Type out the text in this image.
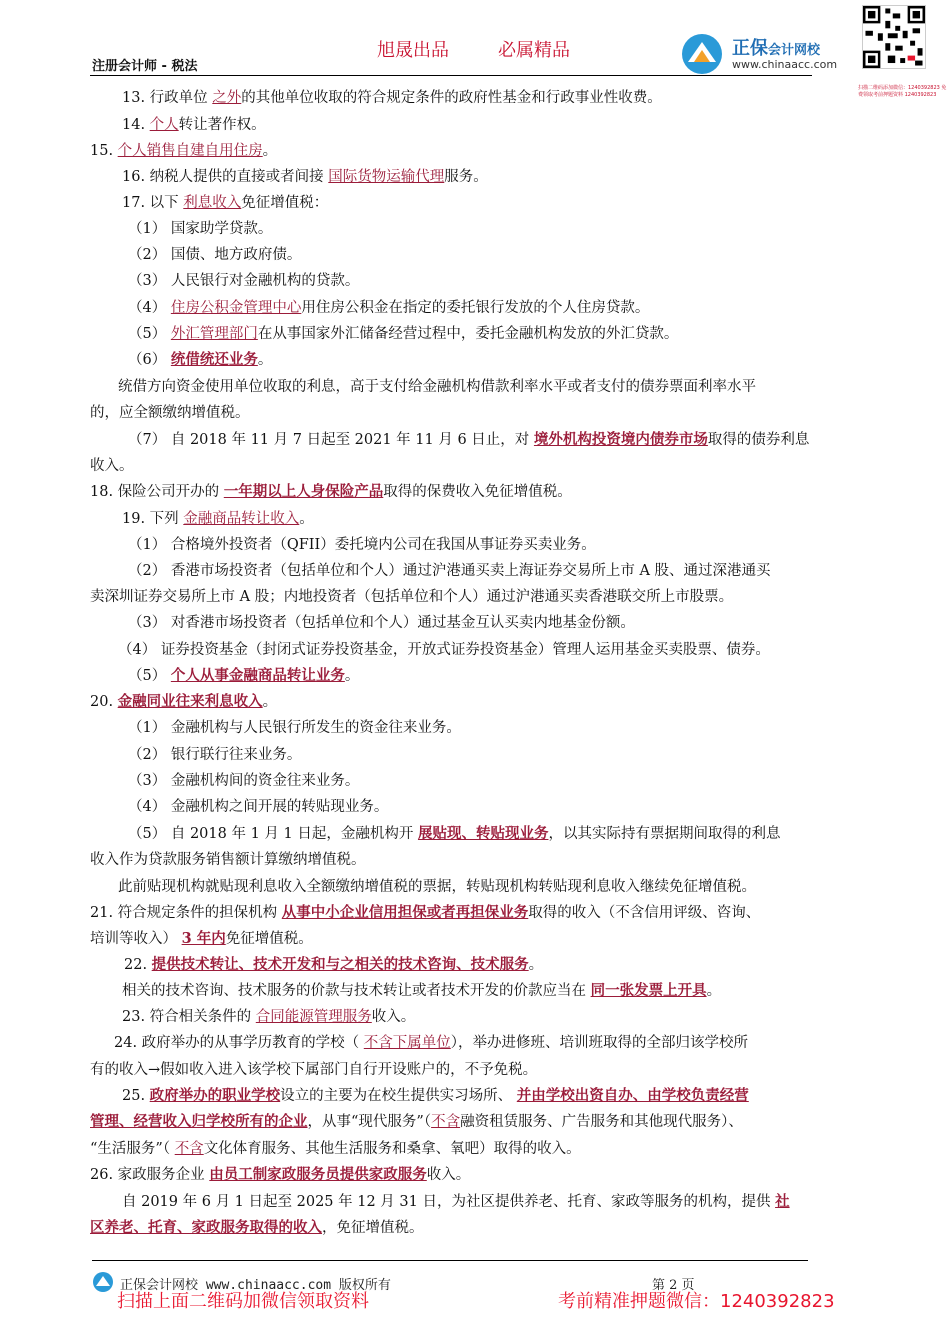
注册会计师 - 税法
旭晟出品	必属精品	正保会计网校
www.chinaacc.com
扫描二维码添加微信：1240392823 免费领取考前押题资料 1240392823
13. 行政单位 之外的其他单位收取的符合规定条件的政府性基金和行政事业性收费。
14. 个人转让著作权。
15. 个人销售自建自用住房。
16. 纳税人提供的直接或者间接 国际货物运输代理服务。
17. 以下 利息收入免征增值税：
（1） 国家助学贷款。
（2） 国债、地方政府债。
（3） 人民银行对金融机构的贷款。
（4） 住房公积金管理中心用住房公积金在指定的委托银行发放的个人住房贷款。
（5） 外汇管理部门在从事国家外汇储备经营过程中，委托金融机构发放的外汇贷款。
（6） 统借统还业务。
统借方向资金使用单位收取的利息，高于支付给金融机构借款利率水平或者支付的债券票面利率水平
的，应全额缴纳增值税。
（7） 自 2018 年 11 月 7 日起至 2021 年 11 月 6 日止，对 境外机构投资境内债券市场取得的债券利息
收入。
18. 保险公司开办的 一年期以上人身保险产品取得的保费收入免征增值税。
19. 下列 金融商品转让收入。
（1） 合格境外投资者（QFII）委托境内公司在我国从事证券买卖业务。
（2） 香港市场投资者（包括单位和个人）通过沪港通买卖上海证券交易所上市 A 股、通过深港通买
卖深圳证券交易所上市 A 股；内地投资者（包括单位和个人）通过沪港通买卖香港联交所上市股票。
（3） 对香港市场投资者（包括单位和个人）通过基金互认买卖内地基金份额。
（4） 证券投资基金（封闭式证券投资基金，开放式证券投资基金）管理人运用基金买卖股票、债券。
（5） 个人从事金融商品转让业务。
20. 金融同业往来利息收入。
（1） 金融机构与人民银行所发生的资金往来业务。
（2） 银行联行往来业务。
（3） 金融机构间的资金往来业务。
（4） 金融机构之间开展的转贴现业务。
（5） 自 2018 年 1 月 1 日起，金融机构开 展贴现、转贴现业务，以其实际持有票据期间取得的利息
收入作为贷款服务销售额计算缴纳增值税。
此前贴现机构就贴现利息收入全额缴纳增值税的票据，转贴现机构转贴现利息收入继续免征增值税。
21. 符合规定条件的担保机构 从事中小企业信用担保或者再担保业务取得的收入（不含信用评级、咨询、
培训等收入） 3 年内免征增值税。
22. 提供技术转让、技术开发和与之相关的技术咨询、技术服务。
相关的技术咨询、技术服务的价款与技术转让或者技术开发的价款应当在 同一张发票上开具。
23. 符合相关条件的 合同能源管理服务收入。
24. 政府举办的从事学历教育的学校（ 不含下属单位），举办进修班、培训班取得的全部归该学校所
有的收入→假如收入进入该学校下属部门自行开设账户的，不予免税。
25. 政府举办的职业学校设立的主要为在校生提供实习场所、 并由学校出资自办、由学校负责经营
管理、经营收入归学校所有的企业，从事“现代服务”（不含融资租赁服务、广告服务和其他现代服务）、
“生活服务”（ 不含文化体育服务、其他生活服务和桑拿、氧吧）取得的收入。
26. 家政服务企业 由员工制家政服务员提供家政服务收入。
自 2019 年 6 月 1 日起至 2025 年 12 月 31 日，为社区提供养老、托育、家政等服务的机构，提供 社
区养老、托育、家政服务取得的收入，免征增值税。
正保会计网校 www.chinaacc.com 版权所有	第 2 页
扫描上面二维码加微信领取资料	考前精准押题微信：1240392823
